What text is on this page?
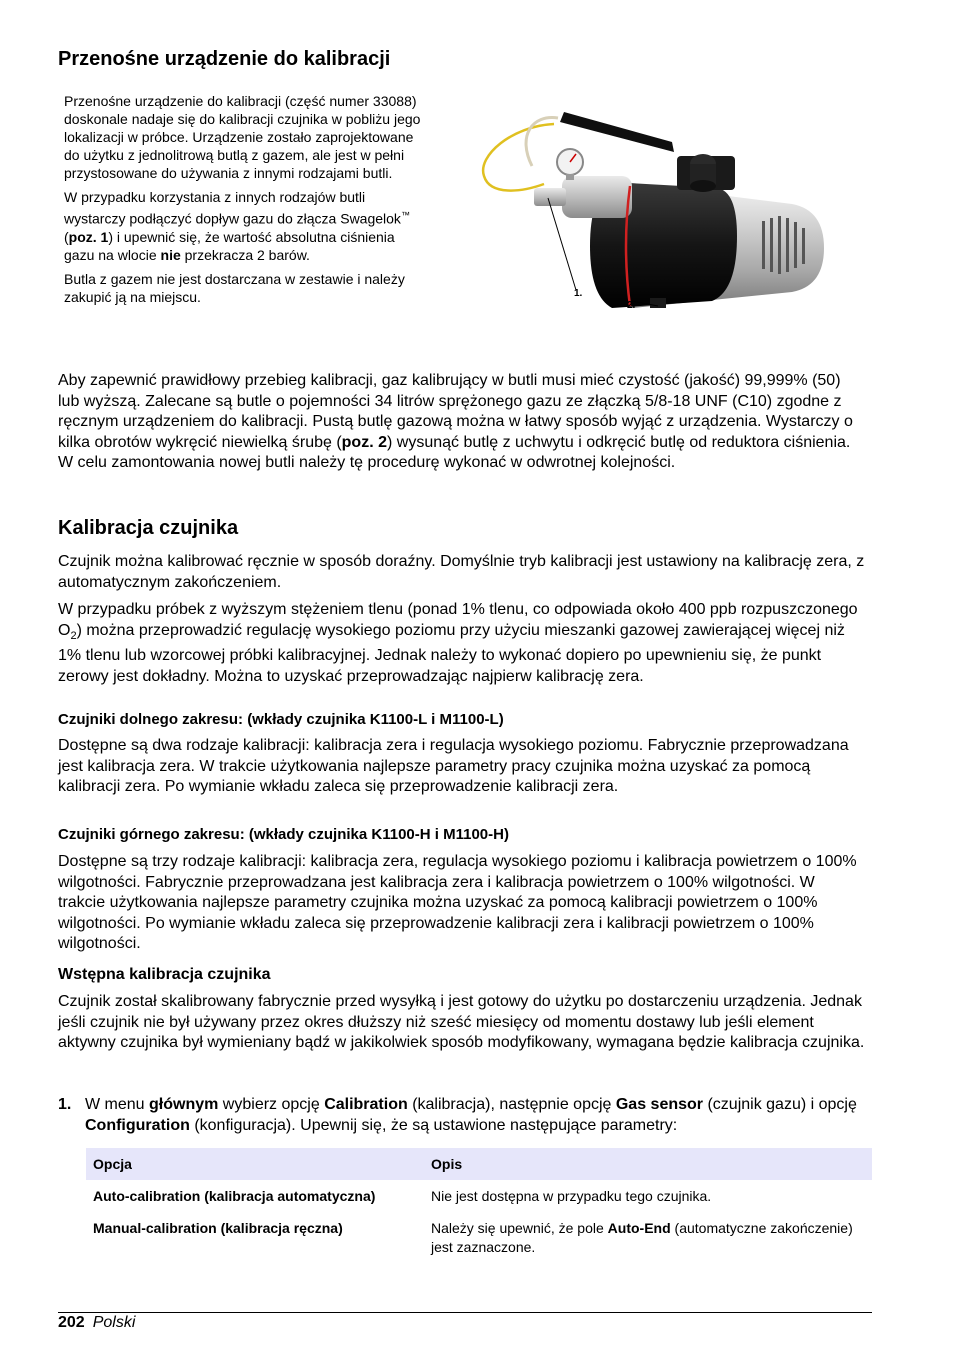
Przenośne urządzenie do kalibracji

Przenośne urządzenie do kalibracji (część numer 33088) doskonale nadaje się do kalibracji czujnika w pobliżu jego lokalizacji w próbce. Urządzenie zostało zaprojektowane do użytku z jednolitrową butlą z gazem, ale jest w pełni przystosowane do używania z innymi rodzajami butli.

W przypadku korzystania z innych rodzajów butli wystarczy podłączyć dopływ gazu do złącza Swagelok™ (poz. 1) i upewnić się, że wartość absolutna ciśnienia gazu na wlocie nie przekracza 2 barów.

Butla z gazem nie jest dostarczana w zestawie i należy zakupić ją na miejscu.	1.
2.

Aby zapewnić prawidłowy przebieg kalibracji, gaz kalibrujący w butli musi mieć czystość (jakość) 99,999% (50) lub wyższą. Zalecane są butle o pojemności 34 litrów sprężonego gazu ze złączką 5/8-18 UNF (C10) zgodne z ręcznym urządzeniem do kalibracji. Pustą butlę gazową można w łatwy sposób wyjąć z urządzenia. Wystarczy o kilka obrotów wykręcić niewielką śrubę (poz. 2) wysunąć butlę z uchwytu i odkręcić butlę od reduktora ciśnienia. W celu zamontowania nowej butli należy tę procedurę wykonać w odwrotnej kolejności.

Kalibracja czujnika

Czujnik można kalibrować ręcznie w sposób doraźny. Domyślnie tryb kalibracji jest ustawiony na kalibrację zera, z automatycznym zakończeniem.

W przypadku próbek z wyższym stężeniem tlenu (ponad 1% tlenu, co odpowiada około 400 ppb rozpuszczonego $O_2$) można przeprowadzić regulację wysokiego poziomu przy użyciu mieszanki gazowej zawierającej więcej niż 1% tlenu lub wzorcowej próbki kalibracyjnej. Jednak należy to wykonać dopiero po upewnieniu się, że punkt zerowy jest dokładny. Można to uzyskać przeprowadzając najpierw kalibrację zera.

Czujniki dolnego zakresu: (wkłady czujnika K1100-L i M1100-L)

Dostępne są dwa rodzaje kalibracji: kalibracja zera i regulacja wysokiego poziomu. Fabrycznie przeprowadzana jest kalibracja zera. W trakcie użytkowania najlepsze parametry pracy czujnika można uzyskać za pomocą kalibracji zera. Po wymianie wkładu zaleca się przeprowadzenie kalibracji zera.

Czujniki górnego zakresu: (wkłady czujnika K1100-H i M1100-H)

Dostępne są trzy rodzaje kalibracji: kalibracja zera, regulacja wysokiego poziomu i kalibracja powietrzem o 100% wilgotności. Fabrycznie przeprowadzana jest kalibracja zera i kalibracja powietrzem o 100% wilgotności. W trakcie użytkowania najlepsze parametry czujnika można uzyskać za pomocą kalibracji powietrzem o 100% wilgotności. Po wymianie wkładu zaleca się przeprowadzenie kalibracji zera i kalibracji powietrzem o 100% wilgotności.

Wstępna kalibracja czujnika

Czujnik został skalibrowany fabrycznie przed wysyłką i jest gotowy do użytku po dostarczeniu urządzenia. Jednak jeśli czujnik nie był używany przez okres dłuższy niż sześć miesięcy od momentu dostawy lub jeśli element aktywny czujnika był wymieniany bądź w jakikolwiek sposób modyfikowany, wymagana będzie kalibracja czujnika.

1. W menu głównym wybierz opcję Calibration (kalibracja), następnie opcję Gas sensor (czujnik gazu) i opcję Configuration (konfiguracja). Upewnij się, że są ustawione następujące parametry:

Opcja	Opis
Auto-calibration (kalibracja automatyczna)	Nie jest dostępna w przypadku tego czujnika.
Manual-calibration (kalibracja ręczna)	Należy się upewnić, że pole Auto-End (automatyczne zakończenie) jest zaznaczone.
202 Polski
